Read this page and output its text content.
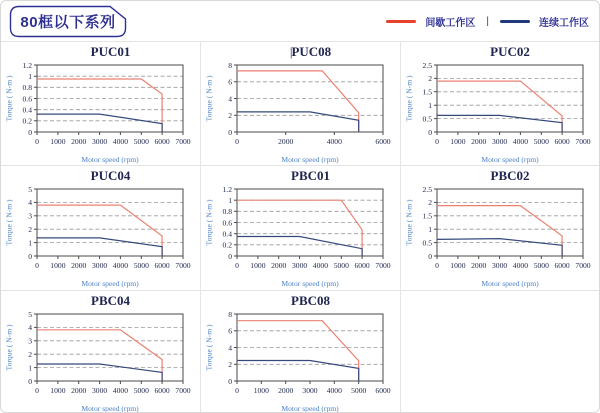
80框以下系列	间歇工作区 |	连续工作区
PUC01
0
0.2
0.4
0.6
0.8
1
1.2
0 1000 2000 3000 4000 5000 6000 7000
Motor speed (rpm)
Torque ( N-m )
|PUC08
0
2
4
6
8
0	2000	4000	6000
Motor speed (rpm)
Torque ( N-m )
PUC02
0
0.5
1
1.5
2
2.5
0 1000 2000 3000 4000 5000 6000 7000
Motor speed (rpm)
Torque ( N-m )
PUC04
0
1
2
3
4
5
0 1000 2000 3000 4000 5000 6000 7000
Motor speed (rpm)
Torque ( N-m )
PBC01
0
0.2
0.4
0.6
0.8
1
1.2
0 1000 2000 3000 4000 5000 6000 7000
Motor speed (rpm)
Torque ( N-m )
PBC02
0
0.5
1
1.5
2
2.5
0 1000 2000 3000 4000 5000 6000 7000
Motor speed (rpm)
Torque ( N-m )
PBC04
0
1
2
3
4
5
0 1000 2000 3000 4000 5000 6000 7000
Motor speed (rpm)
Torque ( N-m )
PBC08
0
2
4
6
8
0 1000 2000 3000 4000 5000 6000
Motor speed (rpm)
Torque ( N-m )
